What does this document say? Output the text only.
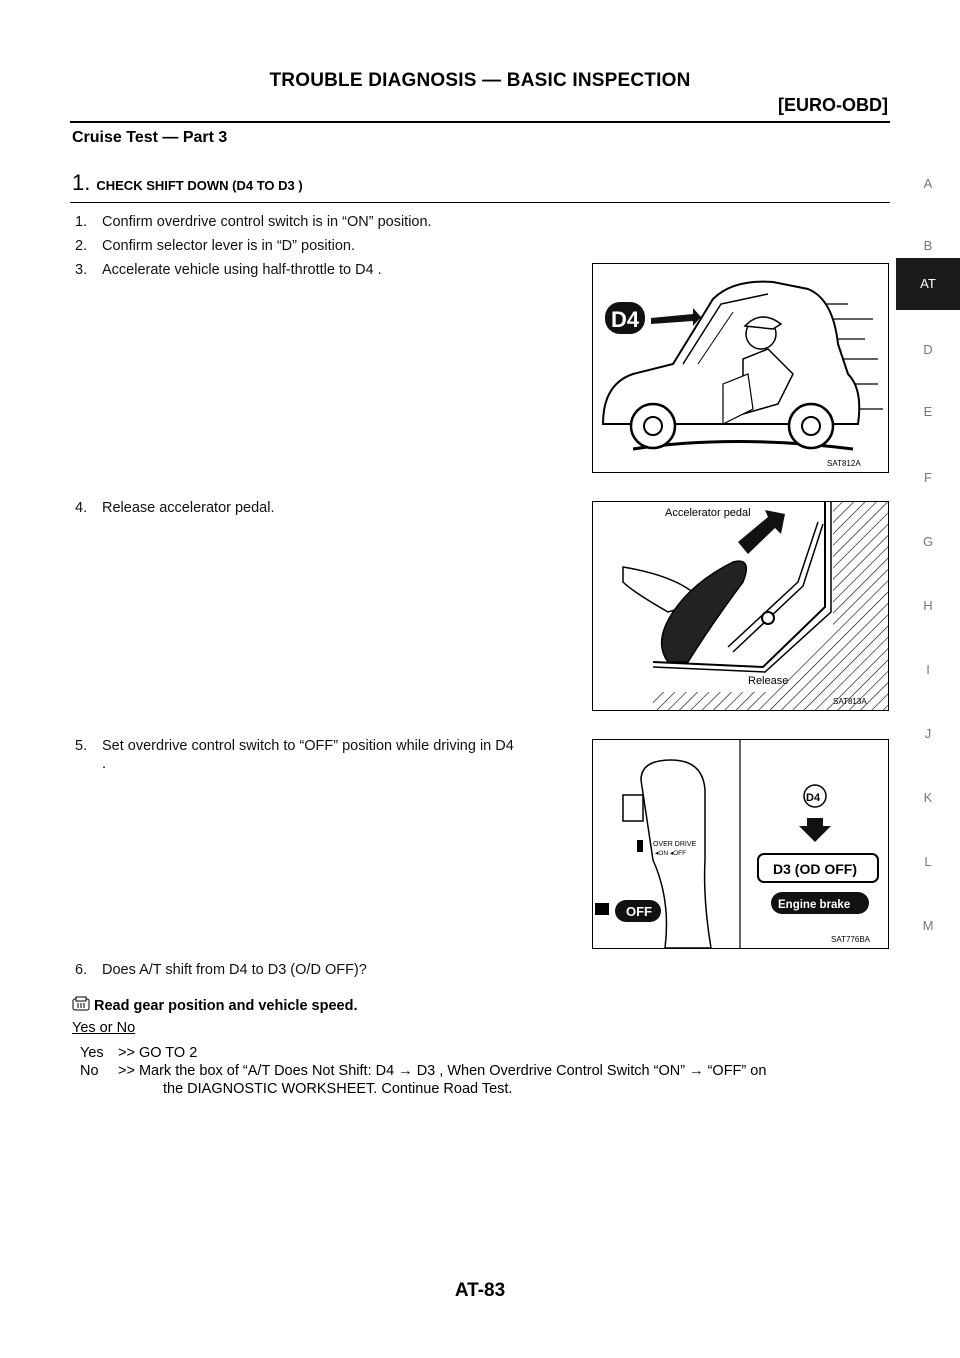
TROUBLE DIAGNOSIS — BASIC INSPECTION
[EURO-OBD]
Cruise Test — Part 3
1. CHECK SHIFT DOWN (D4 TO D3 )
1. Confirm overdrive control switch is in “ON” position.
2. Confirm selector lever is in “D” position.
3. Accelerate vehicle using half-throttle to D4 .
4. Release accelerator pedal.
5. Set overdrive control switch to “OFF” position while driving in D4
.
6. Does A/T shift from D4 to D3 (O/D OFF)?
D4
SAT812A
Accelerator pedal
Release
SAT813A
OVER DRIVE
◂ON ◂OFF
OFF
D4
D3 (OD OFF)
Engine brake
SAT776BA
Read gear position and vehicle speed.
Yes or No
Yes >> GO TO 2
No >> Mark the box of “A/T Does Not Shift: D4 → D3 , When Overdrive Control Switch “ON” → “OFF” on
the DIAGNOSTIC WORKSHEET. Continue Road Test.
A
B
AT
D
E
F
G
H
I
J
K
L
M
AT-83
